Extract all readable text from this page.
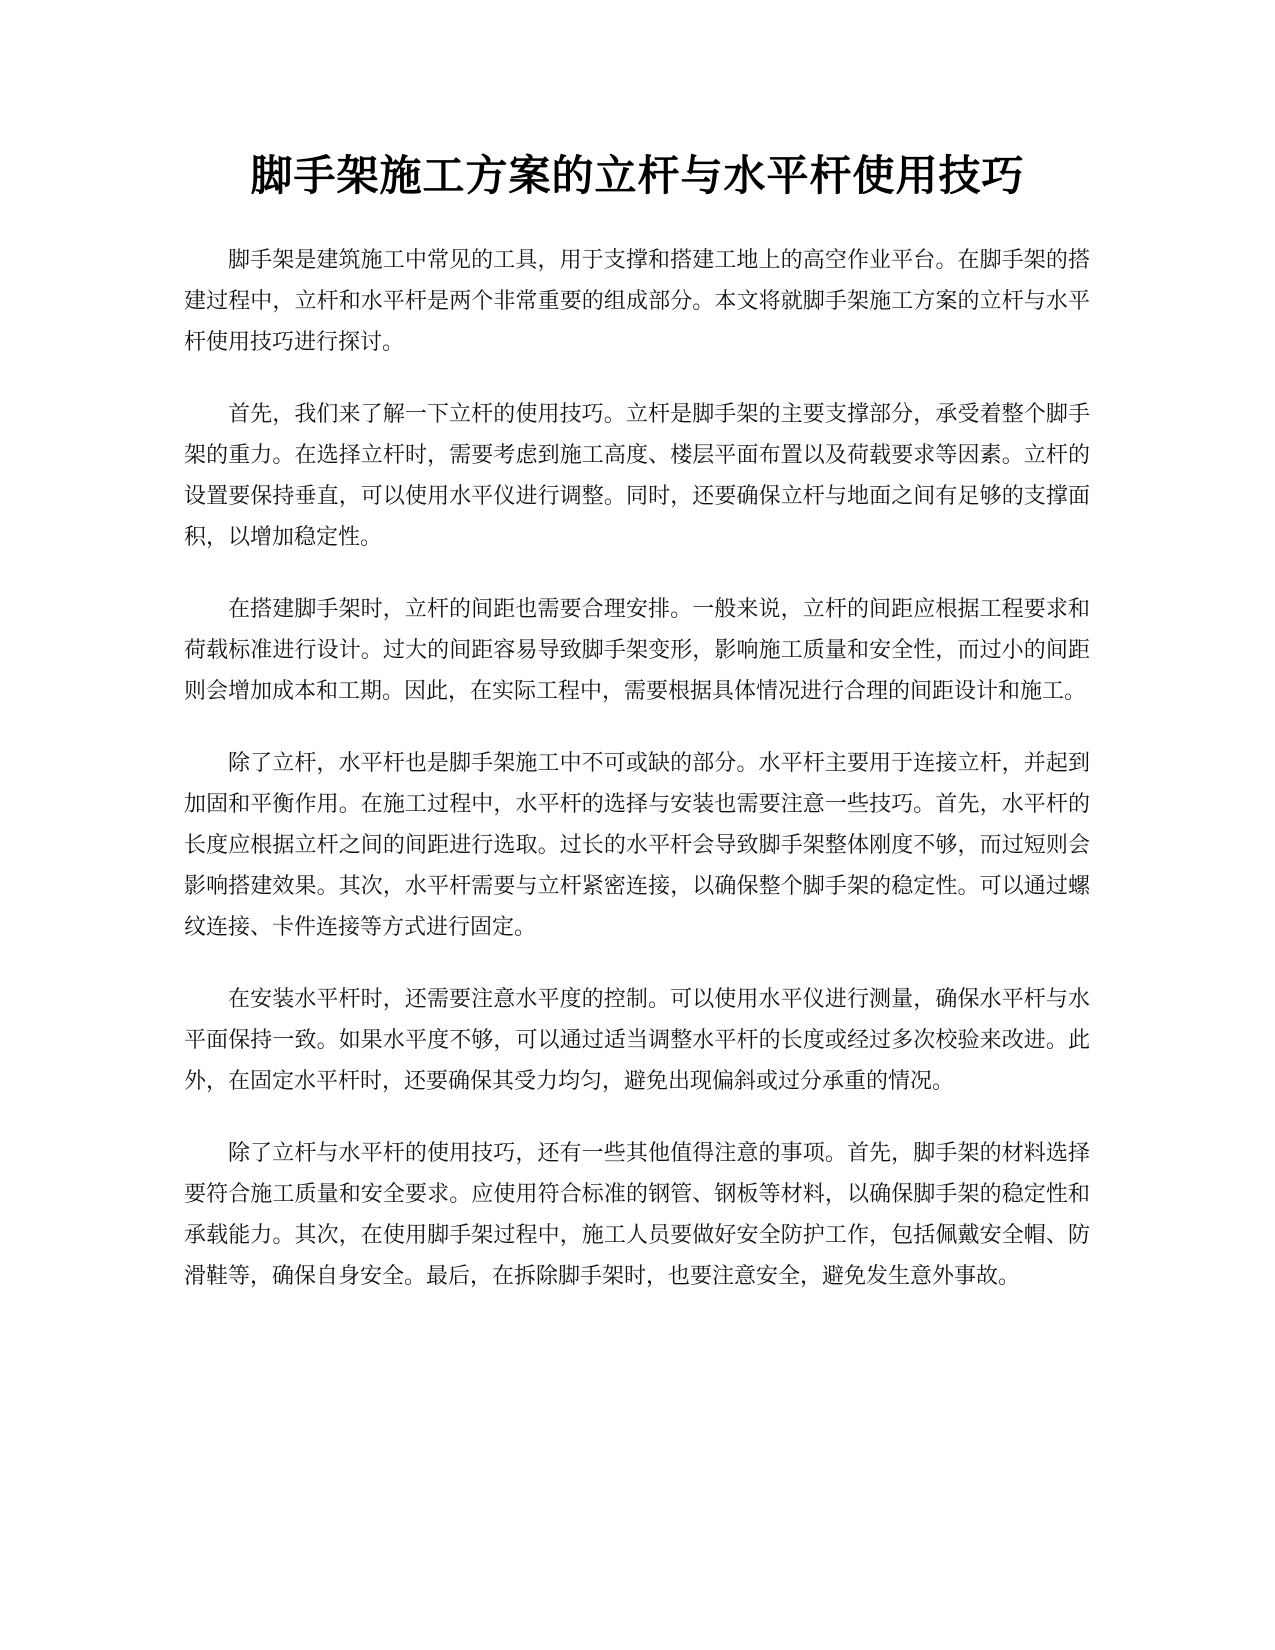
脚手架施工方案的立杆与水平杆使用技巧

脚手架是建筑施工中常见的工具，用于支撑和搭建工地上的高空作业平台。在脚手架的搭建过程中，立杆和水平杆是两个非常重要的组成部分。本文将就脚手架施工方案的立杆与水平杆使用技巧进行探讨。

首先，我们来了解一下立杆的使用技巧。立杆是脚手架的主要支撑部分，承受着整个脚手架的重力。在选择立杆时，需要考虑到施工高度、楼层平面布置以及荷载要求等因素。立杆的设置要保持垂直，可以使用水平仪进行调整。同时，还要确保立杆与地面之间有足够的支撑面积，以增加稳定性。

在搭建脚手架时，立杆的间距也需要合理安排。一般来说，立杆的间距应根据工程要求和荷载标准进行设计。过大的间距容易导致脚手架变形，影响施工质量和安全性，而过小的间距则会增加成本和工期。因此，在实际工程中，需要根据具体情况进行合理的间距设计和施工。

除了立杆，水平杆也是脚手架施工中不可或缺的部分。水平杆主要用于连接立杆，并起到加固和平衡作用。在施工过程中，水平杆的选择与安装也需要注意一些技巧。首先，水平杆的长度应根据立杆之间的间距进行选取。过长的水平杆会导致脚手架整体刚度不够，而过短则会影响搭建效果。其次，水平杆需要与立杆紧密连接，以确保整个脚手架的稳定性。可以通过螺纹连接、卡件连接等方式进行固定。

在安装水平杆时，还需要注意水平度的控制。可以使用水平仪进行测量，确保水平杆与水平面保持一致。如果水平度不够，可以通过适当调整水平杆的长度或经过多次校验来改进。此外，在固定水平杆时，还要确保其受力均匀，避免出现偏斜或过分承重的情况。

除了立杆与水平杆的使用技巧，还有一些其他值得注意的事项。首先，脚手架的材料选择要符合施工质量和安全要求。应使用符合标准的钢管、钢板等材料，以确保脚手架的稳定性和承载能力。其次，在使用脚手架过程中，施工人员要做好安全防护工作，包括佩戴安全帽、防滑鞋等，确保自身安全。最后，在拆除脚手架时，也要注意安全，避免发生意外事故。
